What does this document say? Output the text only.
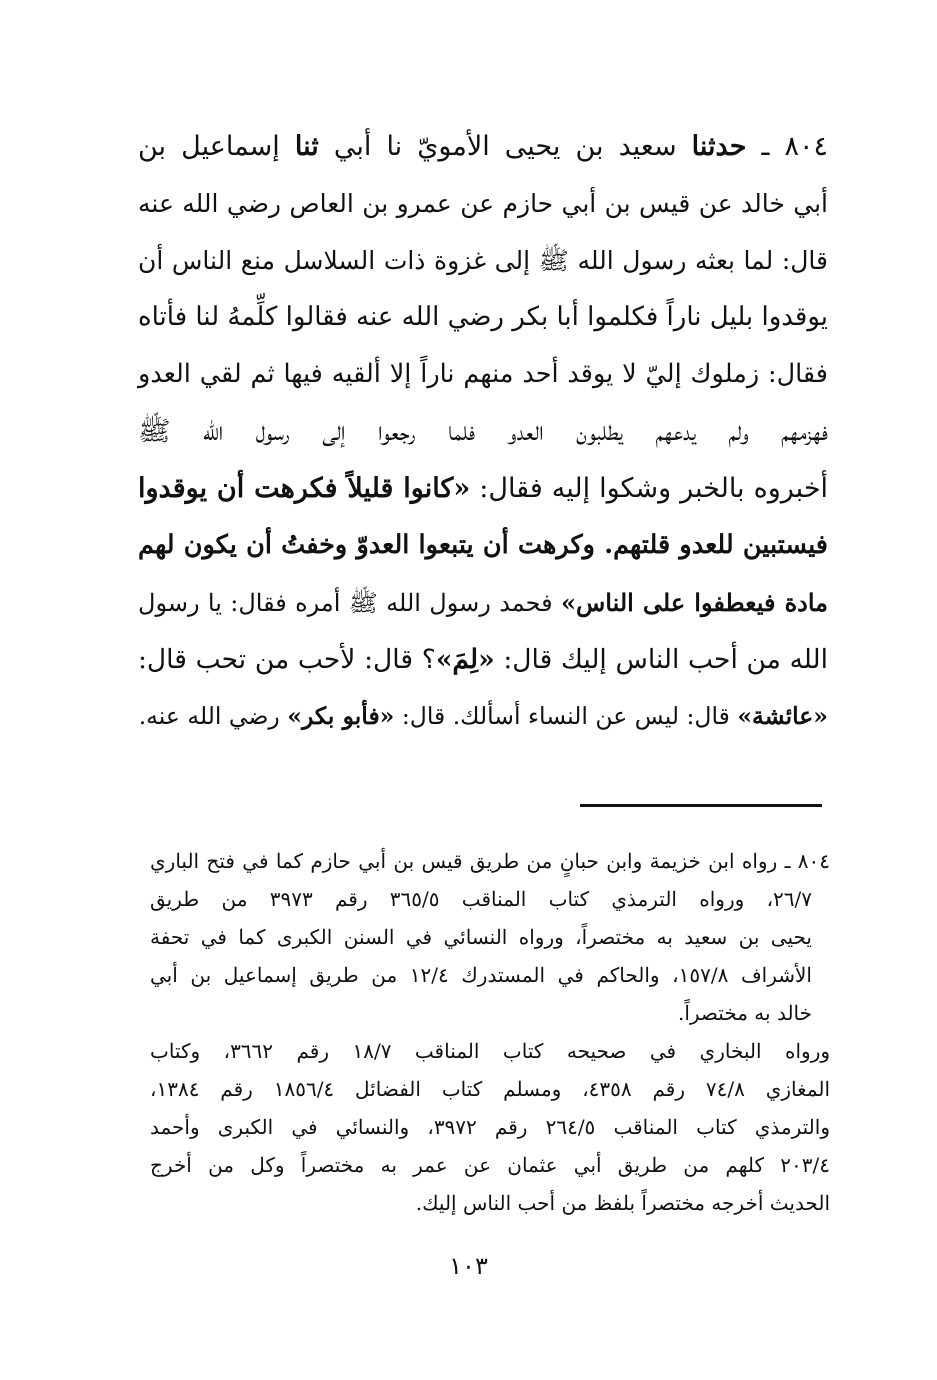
٨٠٤ ـ حدثنا سعيد بن يحيى الأمويّ نا أبي ثنا إسماعيل بن
أبي خالد عن قيس بن أبي حازم عن عمرو بن العاص رضي الله عنه
قال: لما بعثه رسول الله ﷺ إلى غزوة ذات السلاسل منع الناس أن
يوقدوا بليل ناراً فكلموا أبا بكر رضي الله عنه فقالوا كلِّمهُ لنا فأتاه
فقال: زملوك إليّ لا يوقد أحد منهم ناراً إلا ألقيه فيها ثم لقي العدو
فهزمهم ولم يدعهم يطلبون العدو فلما رجعوا إلى رسول الله ﷺ
أخبروه بالخبر وشكوا إليه فقال: «كانوا قليلاً فكرهت أن يوقدوا
فيستبين للعدو قلتهم. وكرهت أن يتبعوا العدوّ وخفتُ أن يكون لهم
مادة فيعطفوا على الناس» فحمد رسول الله ﷺ أمره فقال: يا رسول
الله من أحب الناس إليك قال: «لِمَ»؟ قال: لأحب من تحب قال:
«عائشة» قال: ليس عن النساء أسألك. قال: «فأبو بكر» رضي الله عنه.
٨٠٤ ـ رواه ابن خزيمة وابن حبانٍ من طريق قيس بن أبي حازم كما في فتح الباري
٢٦/٧، ورواه الترمذي كتاب المناقب ٣٦٥/٥ رقم ٣٩٧٣ من طريق
يحيى بن سعيد به مختصراً، ورواه النسائي في السنن الكبرى كما في تحفة
الأشراف ١٥٧/٨، والحاكم في المستدرك ١٢/٤ من طريق إسماعيل بن أبي
خالد به مختصراً.
ورواه البخاري في صحيحه كتاب المناقب ١٨/٧ رقم ٣٦٦٢، وكتاب
المغازي ٧٤/٨ رقم ٤٣٥٨، ومسلم كتاب الفضائل ١٨٥٦/٤ رقم ١٣٨٤،
والترمذي كتاب المناقب ٢٦٤/٥ رقم ٣٩٧٢، والنسائي في الكبرى وأحمد
٢٠٣/٤ كلهم من طريق أبي عثمان عن عمر به مختصراً وكل من أخرج
الحديث أخرجه مختصراً بلفظ من أحب الناس إليك.
١٠٣
